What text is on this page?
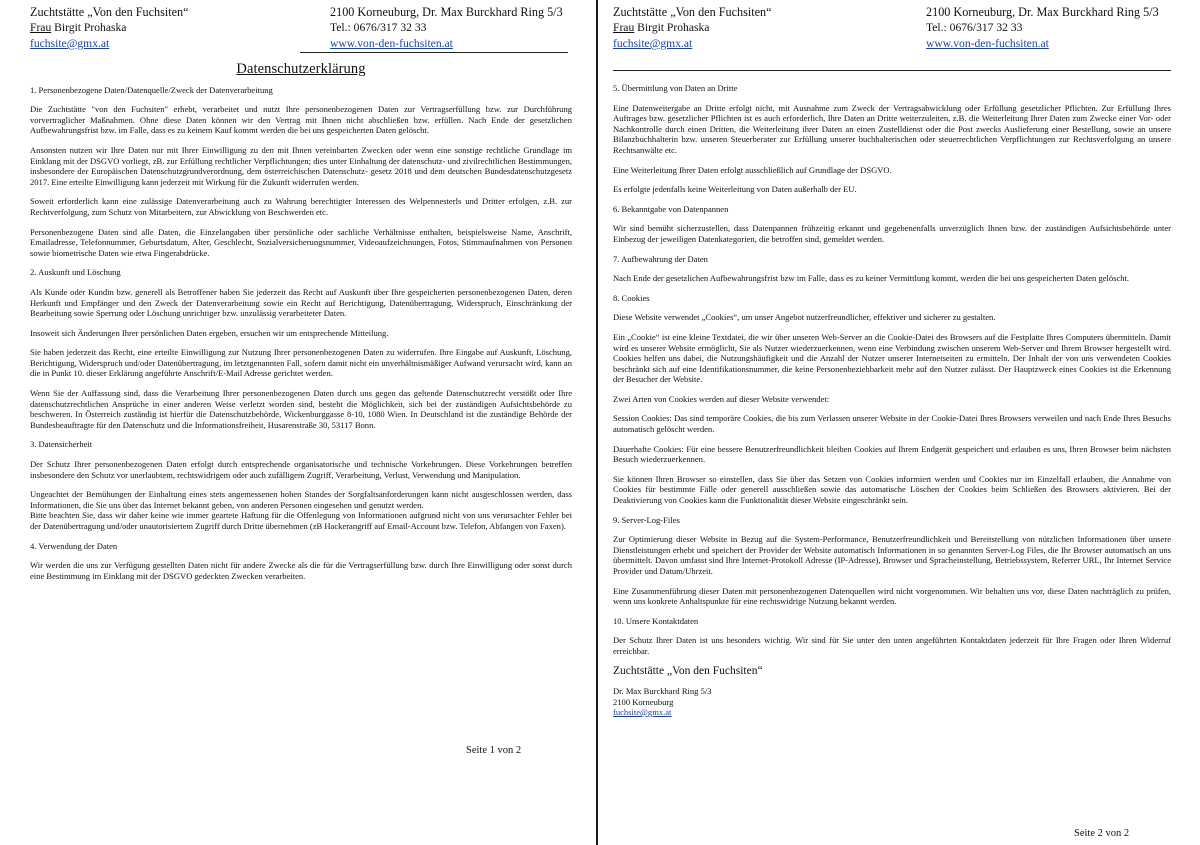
Zuchtstätte „Von den Fuchsiten“
Frau Birgit Prohaska
fuchsite@gmx.at
2100 Korneuburg, Dr. Max Burckhard Ring 5/3
Tel.: 0676/317 32 33
www.von-den-fuchsiten.at
Datenschutzerklärung
1. Personenbezogene Daten/Datenquelle/Zweck der Datenverarbeitung

Die Zuchtstätte "von den Fuchsiten" erhebt, verarbeitet und nutzt Ihre personenbezogenen Daten zur Vertragserfüllung bzw. zur Durchführung vorvertraglicher Maßnahmen. Ohne diese Daten können wir den Vertrag mit Ihnen nicht abschließen bzw. erfüllen. Nach Ende der gesetzlichen Aufbewahrungsfrist bzw. im Falle, dass es zu keinem Kauf kommt werden die bei uns gespeicherten Daten gelöscht.

Ansonsten nutzen wir Ihre Daten nur mit Ihrer Einwilligung zu den mit Ihnen vereinbarten Zwecken oder wenn eine sonstige rechtliche Grundlage im Einklang mit der DSGVO vorliegt, zB. zur Erfüllung rechtlicher Verpflichtungen; dies unter Einhaltung der datenschutz- und zivilrechtlichen Bestimmungen, insbesondere der Europäischen Datenschutzgrundverordnung, dem österreichischen Datenschutz- gesetz 2018 und dem deutschen Bundesdatenschutzgesetz 2017. Eine erteilte Einwilligung kann jederzeit mit Wirkung für die Zukunft widerrufen werden.

Soweit erforderlich kann eine zulässige Datenverarbeitung auch zu Wahrung berechtigter Interessen des Welpennesterls und Dritter erfolgen, z.B. zur Rechtverfolgung, zum Schutz von Mitarbeitern, zur Abwicklung von Beschwerden etc.

Personenbezogene Daten sind alle Daten, die Einzelangaben über persönliche oder sachliche Verhältnisse enthalten, beispielsweise Name, Anschrift, Emailadresse, Telefonnummer, Geburtsdatum, Alter, Geschlecht, Sozialversicherungsnummer, Videoaufzeichnungen, Fotos, Stimmaufnahmen von Personen sowie biometrische Daten wie etwa Fingerabdrücke.

2. Auskunft und Löschung

Als Kunde oder Kundin bzw. generell als Betroffener haben Sie jederzeit das Recht auf Auskunft über Ihre gespeicherten personenbezogenen Daten, deren Herkunft und Empfänger und den Zweck der Datenverarbeitung sowie ein Recht auf Berichtigung, Datenübertragung, Widerspruch, Einschränkung der Bearbeitung sowie Sperrung oder Löschung unrichtiger bzw. unzulässig verarbeiteter Daten.

Insoweit sich Änderungen Ihrer persönlichen Daten ergeben, ersuchen wir um entsprechende Mitteilung.

Sie haben jederzeit das Recht, eine erteilte Einwilligung zur Nutzung Ihrer personenbezogenen Daten zu widerrufen. Ihre Eingabe auf Auskunft, Löschung, Berichtigung, Widerspruch und/oder Datenübertragung, im letztgenannten Fall, sofern damit nicht ein unverhältnismäßiger Aufwand verursacht wird, kann an die in Punkt 10. dieser Erklärung angeführte Anschrift/E-Mail Adresse gerichtet werden.

Wenn Sie der Auffassung sind, dass die Verarbeitung Ihrer personenbezogenen Daten durch uns gegen das geltende Datenschutzrecht verstößt oder Ihre datenschutzrechtlichen Ansprüche in einer anderen Weise verletzt worden sind, besteht die Möglichkeit, sich bei der zuständigen Aufsichtsbehörde zu beschweren. In Österreich zuständig ist hierfür die Datenschutzbehörde, Wickenburggasse 8-10, 1080 Wien. In Deutschland ist die zuständige Behörde der Bundesbeauftragte für den Datenschutz und die Informationsfreiheit, Husarenstraße 30, 53117 Bonn.

3. Datensicherheit

Der Schutz Ihrer personenbezogenen Daten erfolgt durch entsprechende organisatorische und technische Vorkehrungen. Diese Vorkehrungen betreffen insbesondere den Schutz vor unerlaubtem, rechtswidrigem oder auch zufälligem Zugriff, Verarbeitung, Verlust, Verwendung und Manipulation.

Ungeachtet der Bemühungen der Einhaltung eines stets angemessenen hohen Standes der Sorgfaltsanforderungen kann nicht ausgeschlossen werden, dass Informationen, die Sie uns über das Internet bekannt geben, von anderen Personen eingesehen und genutzt werden.

Bitte beachten Sie, dass wir daher keine wie immer geartete Haftung für die Offenlegung von Informationen aufgrund nicht von uns verursachter Fehler bei der Datenübertragung und/oder unautorisiertem Zugriff durch Dritte übernehmen (zB Hackerangriff auf Email-Account bzw. Telefon, Abfangen von Faxen).

4. Verwendung der Daten

Wir werden die uns zur Verfügung gestellten Daten nicht für andere Zwecke als die für die Vertragserfüllung bzw. durch Ihre Einwilligung oder sonst durch eine Bestimmung im Einklang mit der DSGVO gedeckten Zwecken verarbeiten.

Seite 1 von 2
Zuchtstätte „Von den Fuchsiten“
Frau Birgit Prohaska
fuchsite@gmx.at
2100 Korneuburg, Dr. Max Burckhard Ring 5/3
Tel.: 0676/317 32 33
www.von-den-fuchsiten.at
5. Übermittlung von Daten an Dritte

Eine Datenweitergabe an Dritte erfolgt nicht, mit Ausnahme zum Zweck der Vertragsabwicklung oder Erfüllung gesetzlicher Pflichten. Zur Erfüllung Ihres Auftrages bzw. gesetzlicher Pflichten ist es auch erforderlich, Ihre Daten an Dritte weiterzuleiten, z.B. die Weiterleitung Ihrer Daten zum Zwecke einer Vor- oder Nachkontrolle durch einen Dritten, die Weiterleitung ihrer Daten an einen Zustelldienst oder die Post zwecks Auslieferung einer Bestellung, sowie an unsere Bilanzbuchhalterin bzw. unseren Steuerberater zur Erfüllung unserer buchhalterischen oder steuerrechtlichen Verpflichtungen zur Rechtsverfolgung an unsere Rechtsanwälte etc.

Eine Weiterleitung Ihrer Daten erfolgt ausschließlich auf Grundlage der DSGVO.

Es erfolgte jedenfalls keine Weiterleitung von Daten außerhalb der EU.

6. Bekanntgabe von Datenpannen

Wir sind bemüht sicherzustellen, dass Datenpannen frühzeitig erkannt und gegebenenfalls unverzüglich Ihnen bzw. der zuständigen Aufsichtsbehörde unter Einbezug der jeweiligen Datenkategorien, die betroffen sind, gemeldet werden.

7. Aufbewahrung der Daten

Nach Ende der gesetzlichen Aufbewahrungsfrist bzw im Falle, dass es zu keiner Vermittlung kommt, werden die bei uns gespeicherten Daten gelöscht.

8. Cookies

Diese Website verwendet „Cookies“, um unser Angebot nutzerfreundlicher, effektiver und sicherer zu gestalten.

Ein „Cookie“ ist eine kleine Textdatei, die wir über unseren Web-Server an die Cookie-Datei des Browsers auf die Festplatte Ihres Computers übermitteln. Damit wird es unserer Website ermöglicht, Sie als Nutzer wiederzuerkennen, wenn eine Verbindung zwischen unserem Web-Server und Ihrem Browser hergestellt wird. Cookies helfen uns dabei, die Nutzungshäufigkeit und die Anzahl der Nutzer unserer Internetseiten zu ermitteln. Der Inhalt der von uns verwendeten Cookies beschränkt sich auf eine Identifikationsnummer, die keine Personenbeziehbarkeit mehr auf den Nutzer zulässt. Der Hauptzweck eines Cookies ist die Erkennung der Besucher der Website.

Zwei Arten von Cookies werden auf dieser Website verwendet:

Session Cookies: Das sind temporäre Cookies, die bis zum Verlassen unserer Website in der Cookie-Datei Ihres Browsers verweilen und nach Ende Ihres Besuchs automatisch gelöscht werden.

Dauerhafte Cookies: Für eine bessere Benutzerfreundlichkeit bleiben Cookies auf Ihrem Endgerät gespeichert und erlauben es uns, Ihren Browser beim nächsten Besuch wiederzuerkennen.

Sie können Ihren Browser so einstellen, dass Sie über das Setzen von Cookies informiert werden und Cookies nur im Einzelfall erlauben, die Annahme von Cookies für bestimmte Fälle oder generell ausschließen sowie das automatische Löschen der Cookies beim Schließen des Browsers aktivieren. Bei der Deaktivierung von Cookies kann die Funktionalität dieser Website eingeschränkt sein.

9. Server-Log-Files

Zur Optimierung dieser Website in Bezug auf die System-Performance, Benutzerfreundlichkeit und Bereitstellung von nützlichen Informationen über unsere Dienstleistungen erhebt und speichert der Provider der Website automatisch Informationen in so genannten Server-Log Files, die Ihr Browser automatisch an uns übermittelt. Davon umfasst sind Ihre Internet-Protokoll Adresse (IP-Adresse), Browser und Spracheinstellung, Betriebssystem, Referrer URL, Ihr Internet Service Provider und Datum/Uhrzeit.

Eine Zusammenführung dieser Daten mit personenbezogenen Datenquellen wird nicht vorgenommen. Wir behalten uns vor, diese Daten nachträglich zu prüfen, wenn uns konkrete Anhaltspunkte für eine rechtswidrige Nutzung bekannt werden.

10. Unsere Kontaktdaten

Der Schutz Ihrer Daten ist uns besonders wichtig. Wir sind für Sie unter den unten angeführten Kontaktdaten jederzeit für Ihre Fragen oder Ihren Widerruf erreichbar.

Zuchtstätte „Von den Fuchsiten“
Dr. Max Burckhard Ring 5/3
2100 Korneuburg
fuchsite@gmx.at
Seite 2 von 2
